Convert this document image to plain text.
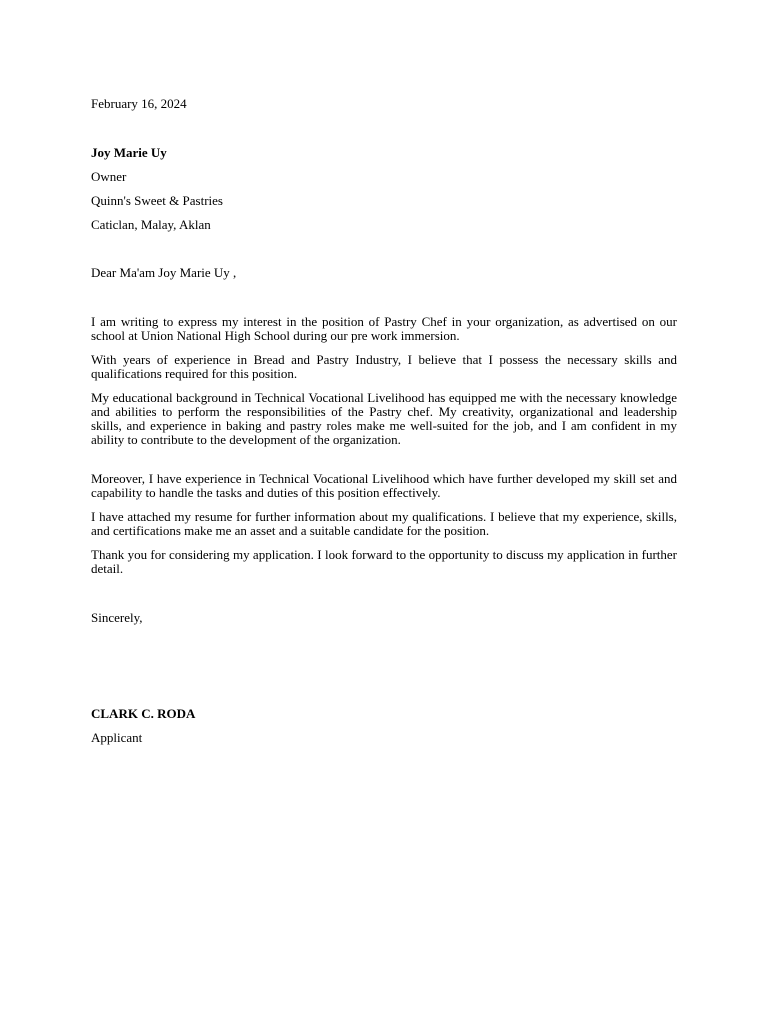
February 16, 2024
Joy Marie Uy
Owner
Quinn's Sweet & Pastries
Caticlan, Malay, Aklan
Dear Ma'am Joy Marie Uy ,
I am writing to express my interest in the position of Pastry Chef in your organization, as advertised on our school at Union National High School during our pre work immersion.
With years of experience in Bread and Pastry Industry, I believe that I possess the necessary skills and qualifications required for this position.
My educational background in Technical Vocational Livelihood has equipped me with the necessary knowledge and abilities to perform the responsibilities of the Pastry chef. My creativity, organizational and leadership skills, and experience in baking and pastry roles make me well-suited for the job, and I am confident in my ability to contribute to the development of the organization.
Moreover, I have experience in Technical Vocational Livelihood which have further developed my skill set and capability to handle the tasks and duties of this position effectively.
I have attached my resume for further information about my qualifications. I believe that my experience, skills, and certifications make me an asset and a suitable candidate for the position.
Thank you for considering my application. I look forward to the opportunity to discuss my application in further detail.
Sincerely,
CLARK C. RODA
Applicant
